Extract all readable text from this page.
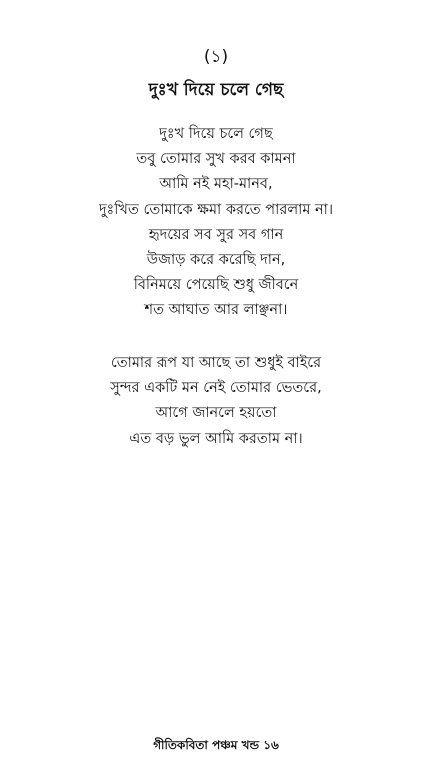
(১)
দুঃখ দিয়ে চলে গেছ
দুঃখ দিয়ে চলে গেছ
তবু তোমার সুখ করব কামনা
আমি নই মহা-মানব,
দুঃখিত তোমাকে ক্ষমা করতে পারলাম না।
হৃদয়ের সব সুর সব গান
উজাড় করে করেছি দান,
বিনিময়ে পেয়েছি শুধু জীবনে
শত আঘাত আর লাঞ্ছনা।
তোমার রূপ যা আছে তা শুধুই বাইরে
সুন্দর একটি মন নেই তোমার ভেতরে,
আগে জানলে হয়তো
এত বড় ভুল আমি করতাম না।
গীতিকবিতা পঞ্চম খন্ড ১৬
